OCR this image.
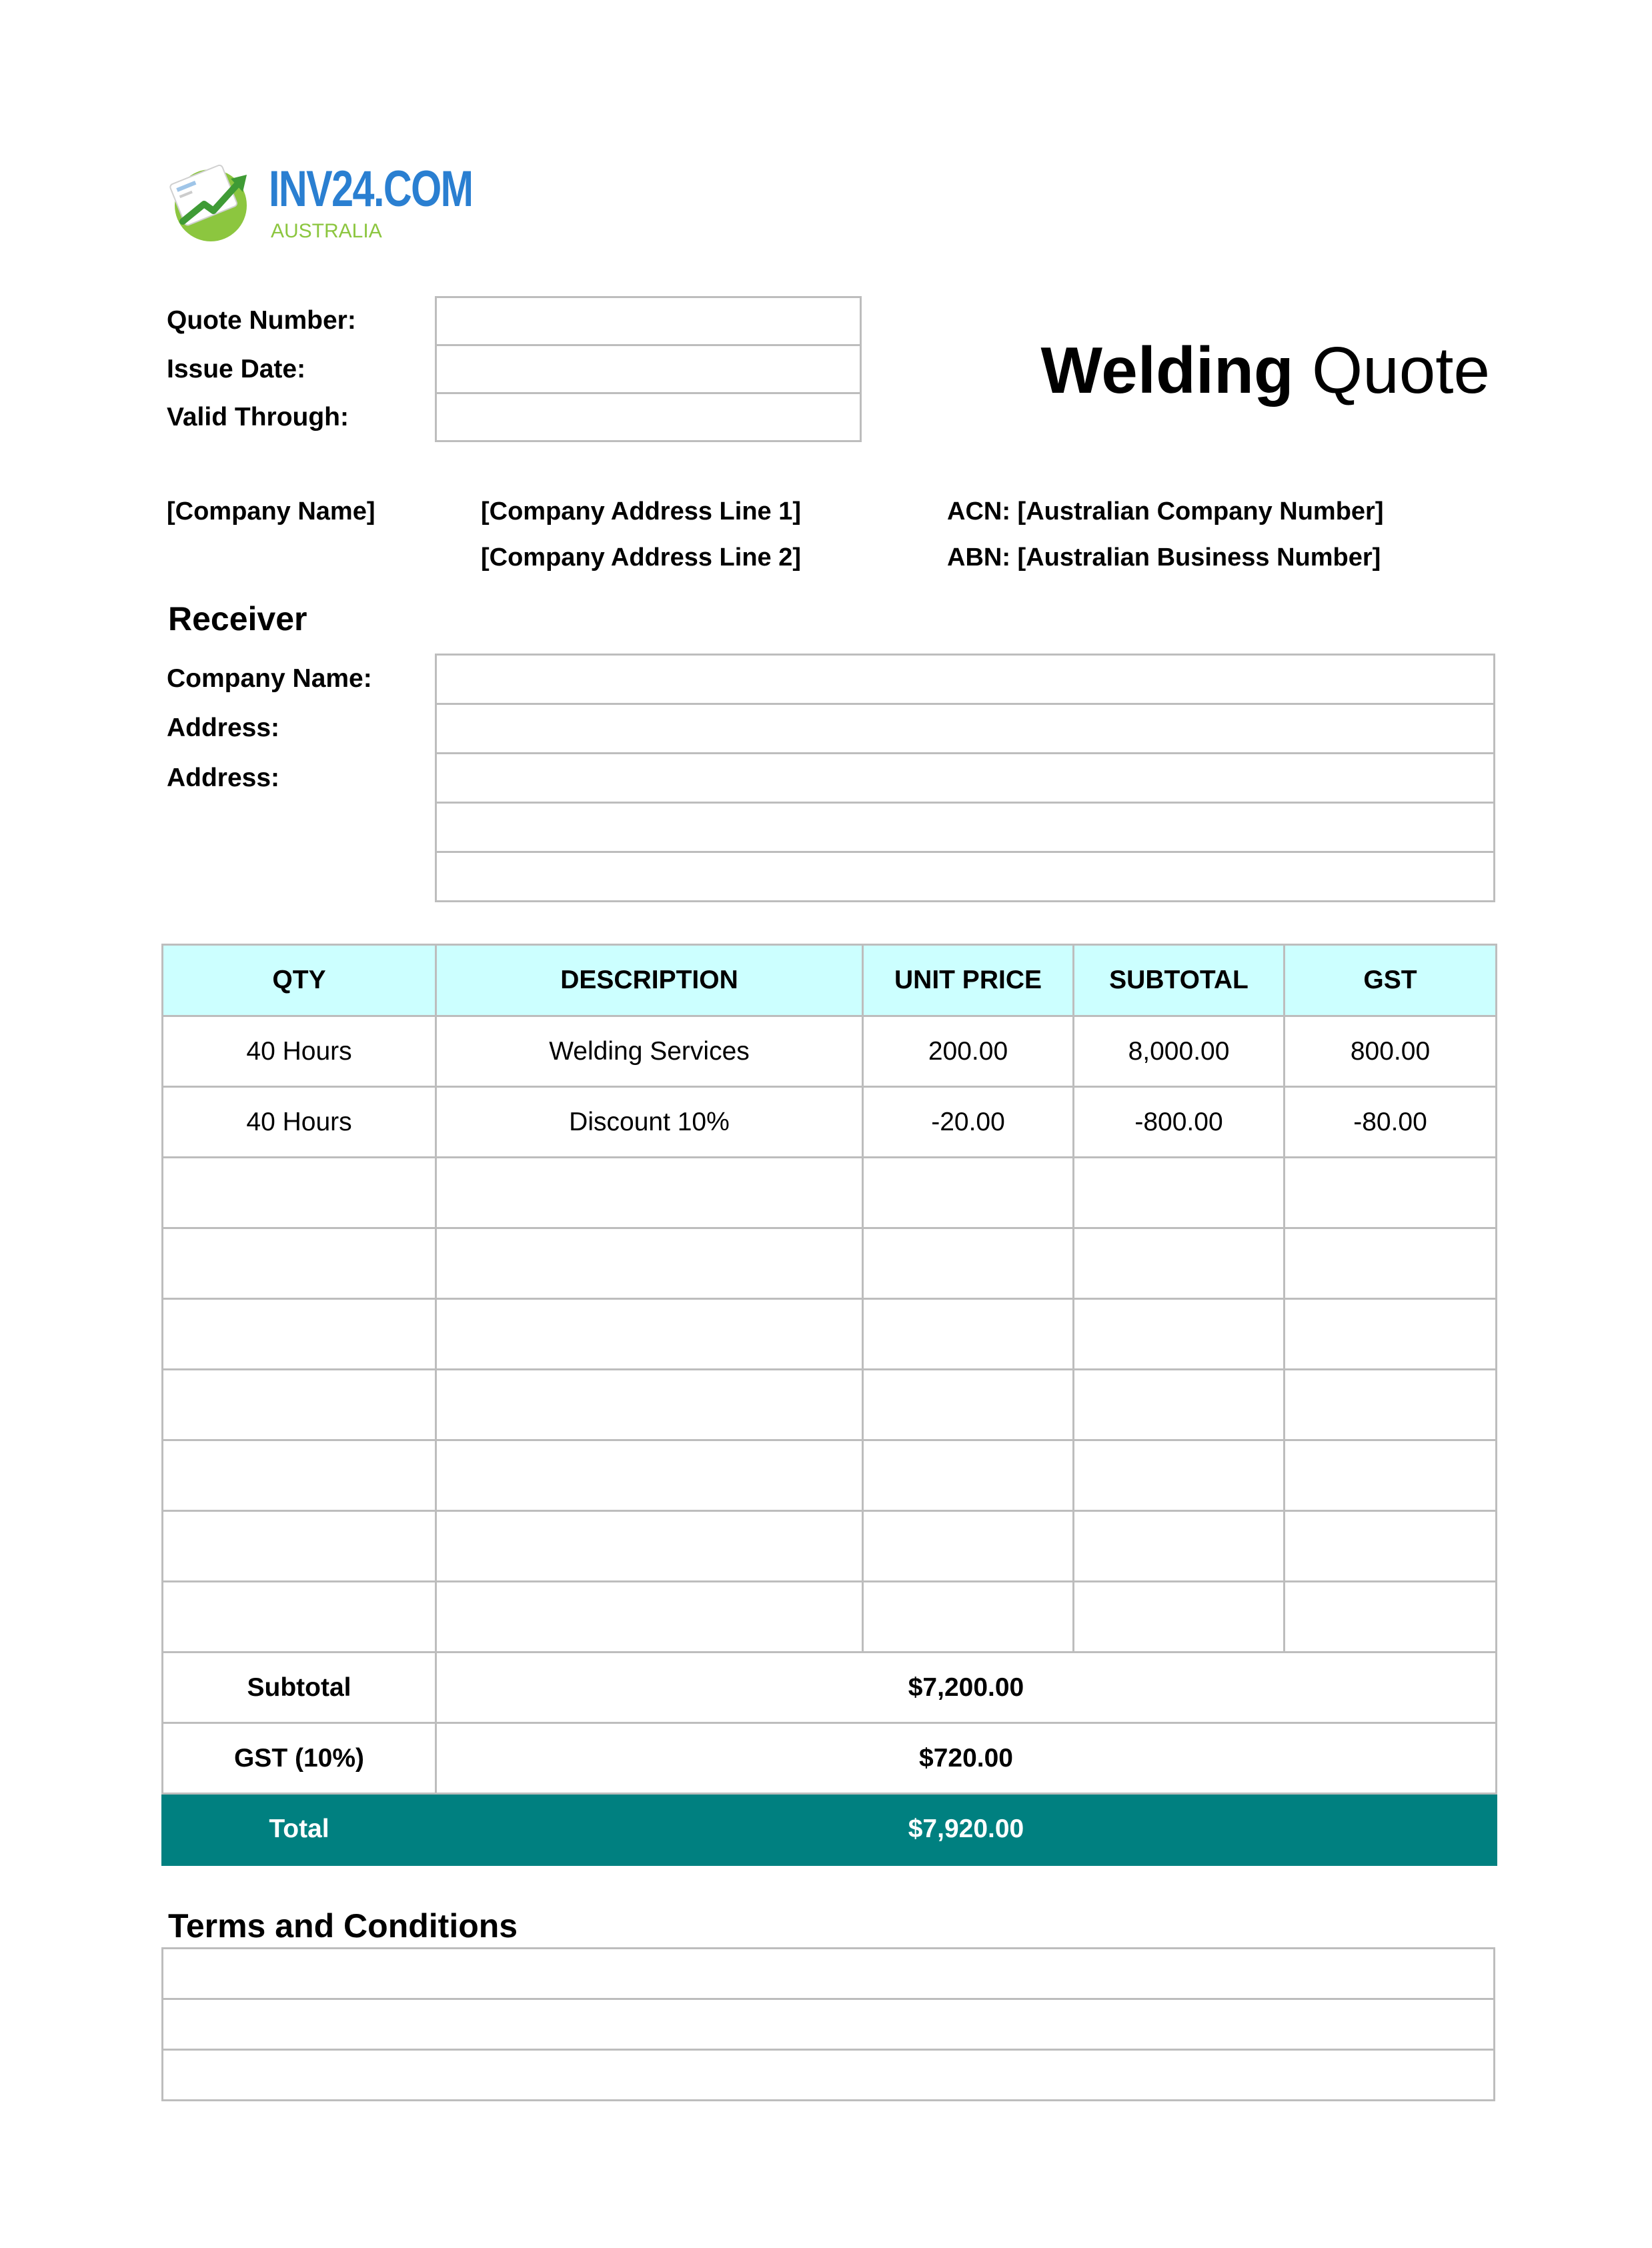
INV24.COM
AUSTRALIA
Quote Number:
Issue Date:
Valid Through:
Welding Quote
[Company Name]	[Company Address Line 1]
[Company Address Line 2]
ACN: [Australian Company Number]
ABN: [Australian Business Number]
Receiver
Company Name:
Address:
Address:
QTY	DESCRIPTION	UNIT PRICE	SUBTOTAL	GST
40 Hours	Welding Services	200.00	8,000.00	800.00
40 Hours	Discount 10%	-20.00	-800.00	-80.00

Subtotal	$7,200.00			
GST (10%)	$720.00			
Total	$7,920.00			
Terms and Conditions
